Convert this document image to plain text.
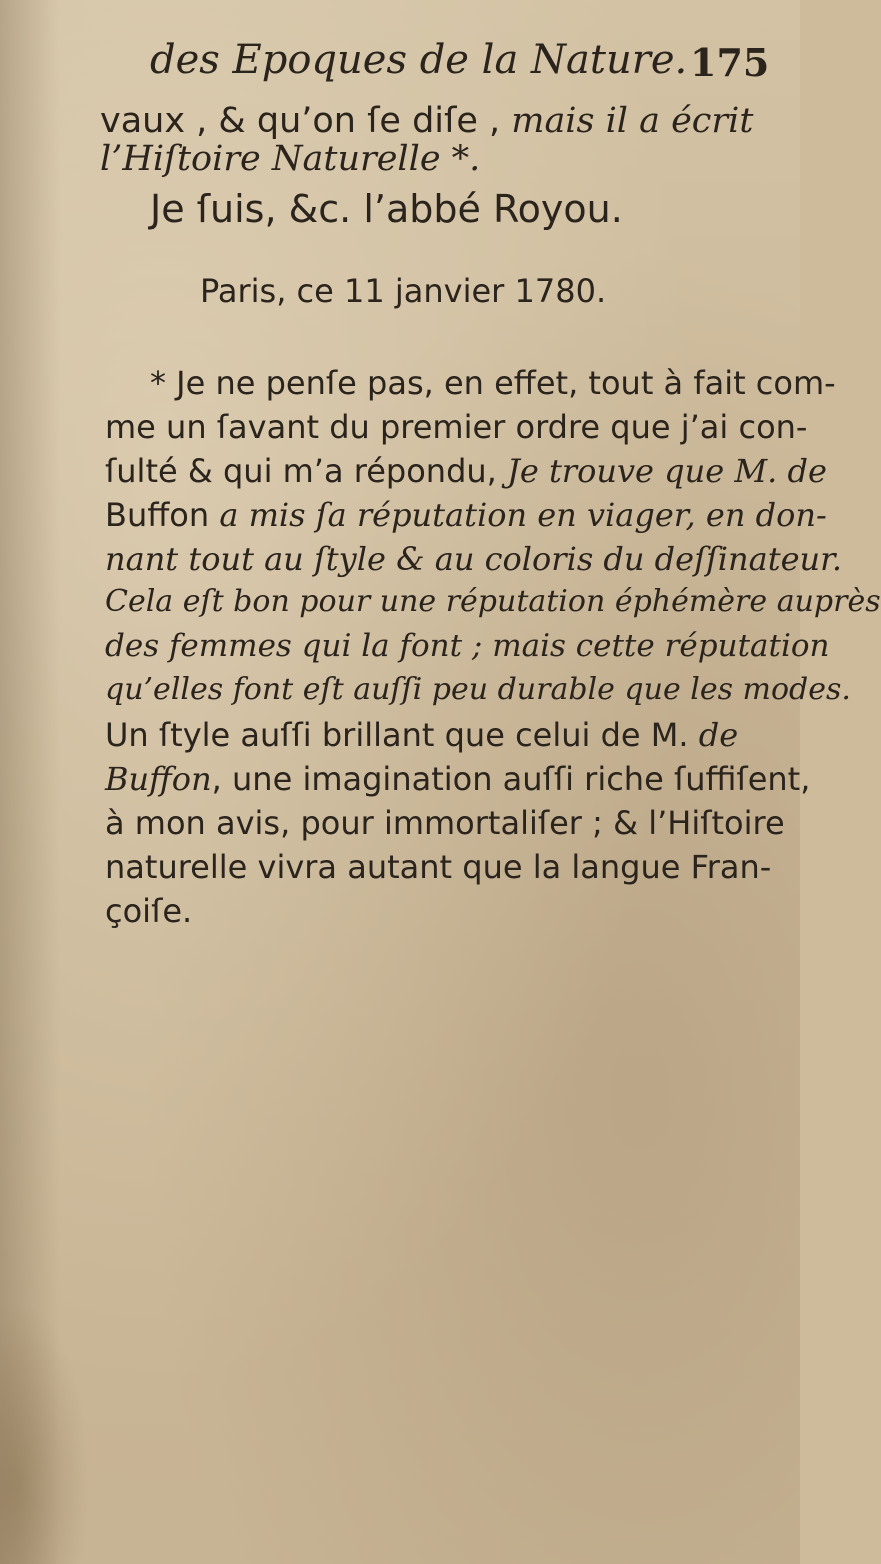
des Epoques de la Nature. 175
vaux , & qu’on ſe diſe , mais il a écrit
l’Hiſtoire Naturelle *.
Je ſuis, &c. l’abbé Royou.
Paris, ce 11 janvier 1780.
* Je ne penſe pas, en effet, tout à fait com-
me un ſavant du premier ordre que j’ai con-
ſulté & qui m’a répondu, Je trouve que M. de
Buffon a mis ſa réputation en viager, en don-
nant tout au ſtyle & au coloris du deſſinateur.
Cela eſt bon pour une réputation éphémère auprès
des femmes qui la font ; mais cette réputation
qu’elles font eſt auſſi peu durable que les modes.
Un ſtyle auſſi brillant que celui de M. de
Buffon, une imagination auſſi riche ſuffiſent,
à mon avis, pour immortaliſer ; & l’Hiſtoire
naturelle vivra autant que la langue Fran-
çoiſe.
